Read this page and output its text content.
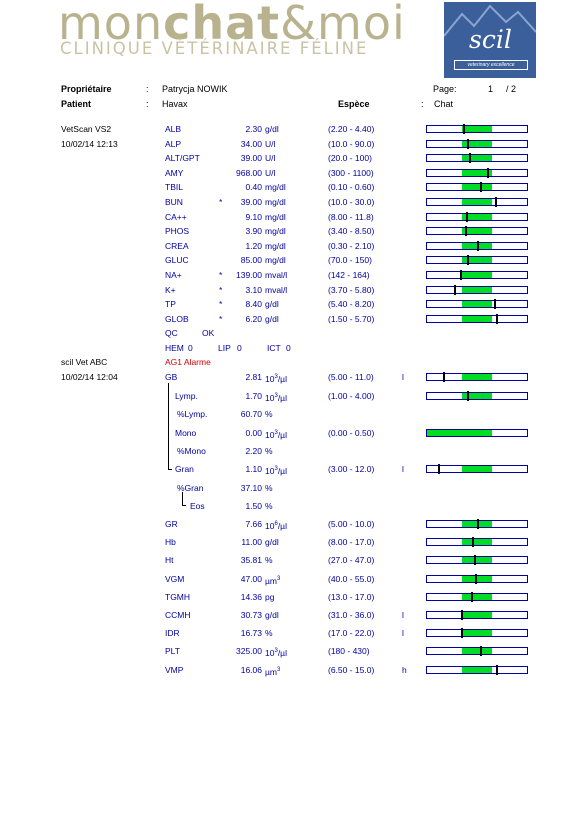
monchat&moi
CLINIQUE VÉTÉRINAIRE FÉLINE	scil
veterinary excellence
Propriétaire	: Patrycja NOWIK	Page:	1 / 2
Patient	: Havax	Espèce	: Chat
VetScan VS2
10/02/14 12:13
ALB	2.30 g/dl	(2.20 - 4.40)
ALP	34.00 U/l	(10.0 - 90.0)
ALT/GPT	39.00 U/l	(20.0 - 100)
AMY	968.00 U/l	(300 - 1100)
TBIL	0.40 mg/dl	(0.10 - 0.60)
BUN	*	39.00 mg/dl	(10.0 - 30.0)
CA++	9.10 mg/dl	(8.00 - 11.8)
PHOS	3.90 mg/dl	(3.40 - 8.50)
CREA	1.20 mg/dl	(0.30 - 2.10)
GLUC	85.00 mg/dl	(70.0 - 150)
NA+	*	139.00 mval/l	(142 - 164)
K+	*	3.10 mval/l	(3.70 - 5.80)
TP	*	8.40 g/dl	(5.40 - 8.20)
GLOB	*	6.20 g/dl	(1.50 - 5.70)
QC	OK
HEM 0	LIP 0	ICT 0
scil Vet ABC	AG1 Alarme
10/02/14 12:04	GB	2.81 $10^3/\mu l$	(5.00 - 11.0)	l
Lymp.	1.70 $10^3/\mu l$	(1.00 - 4.00)
%Lymp.	60.70 %
Mono	0.00 $10^3/\mu l$	(0.00 - 0.50)
%Mono	2.20 %
Gran	1.10 $10^3/\mu l$	(3.00 - 12.0)	l
%Gran	37.10 %
Eos	1.50 %
GR	7.66 $10^6/\mu l$	(5.00 - 10.0)
Hb	11.00 g/dl	(8.00 - 17.0)
Ht	35.81 %	(27.0 - 47.0)
VGM	47.00 µm$^3$	(40.0 - 55.0)
TGMH	14.36 pg	(13.0 - 17.0)
CCMH	30.73 g/dl	(31.0 - 36.0)	l
IDR	16.73 %	(17.0 - 22.0)	l
PLT	325.00 $10^3/\mu l$	(180 - 430)
VMP	16.06 µm$^3$	(6.50 - 15.0)	h
